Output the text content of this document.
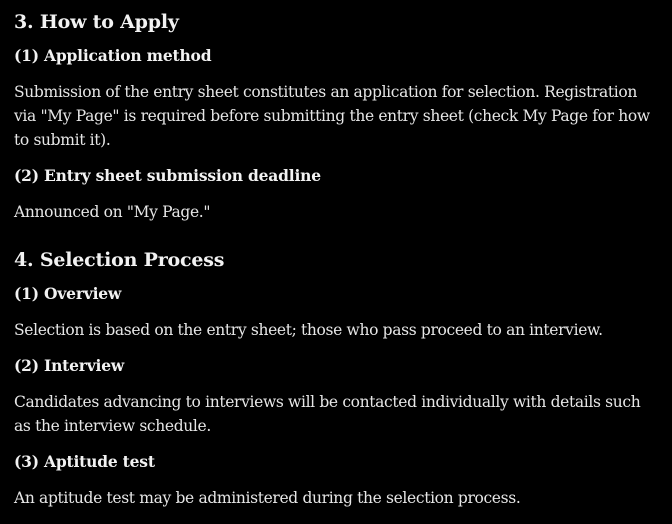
3. How to Apply
(1) Application method
Submission of the entry sheet constitutes an application for selection. Registration
via "My Page" is required before submitting the entry sheet (check My Page for how
to submit it).
(2) Entry sheet submission deadline
Announced on "My Page."
4. Selection Process
(1) Overview
Selection is based on the entry sheet; those who pass proceed to an interview.
(2) Interview
Candidates advancing to interviews will be contacted individually with details such
as the interview schedule.
(3) Aptitude test
An aptitude test may be administered during the selection process.
